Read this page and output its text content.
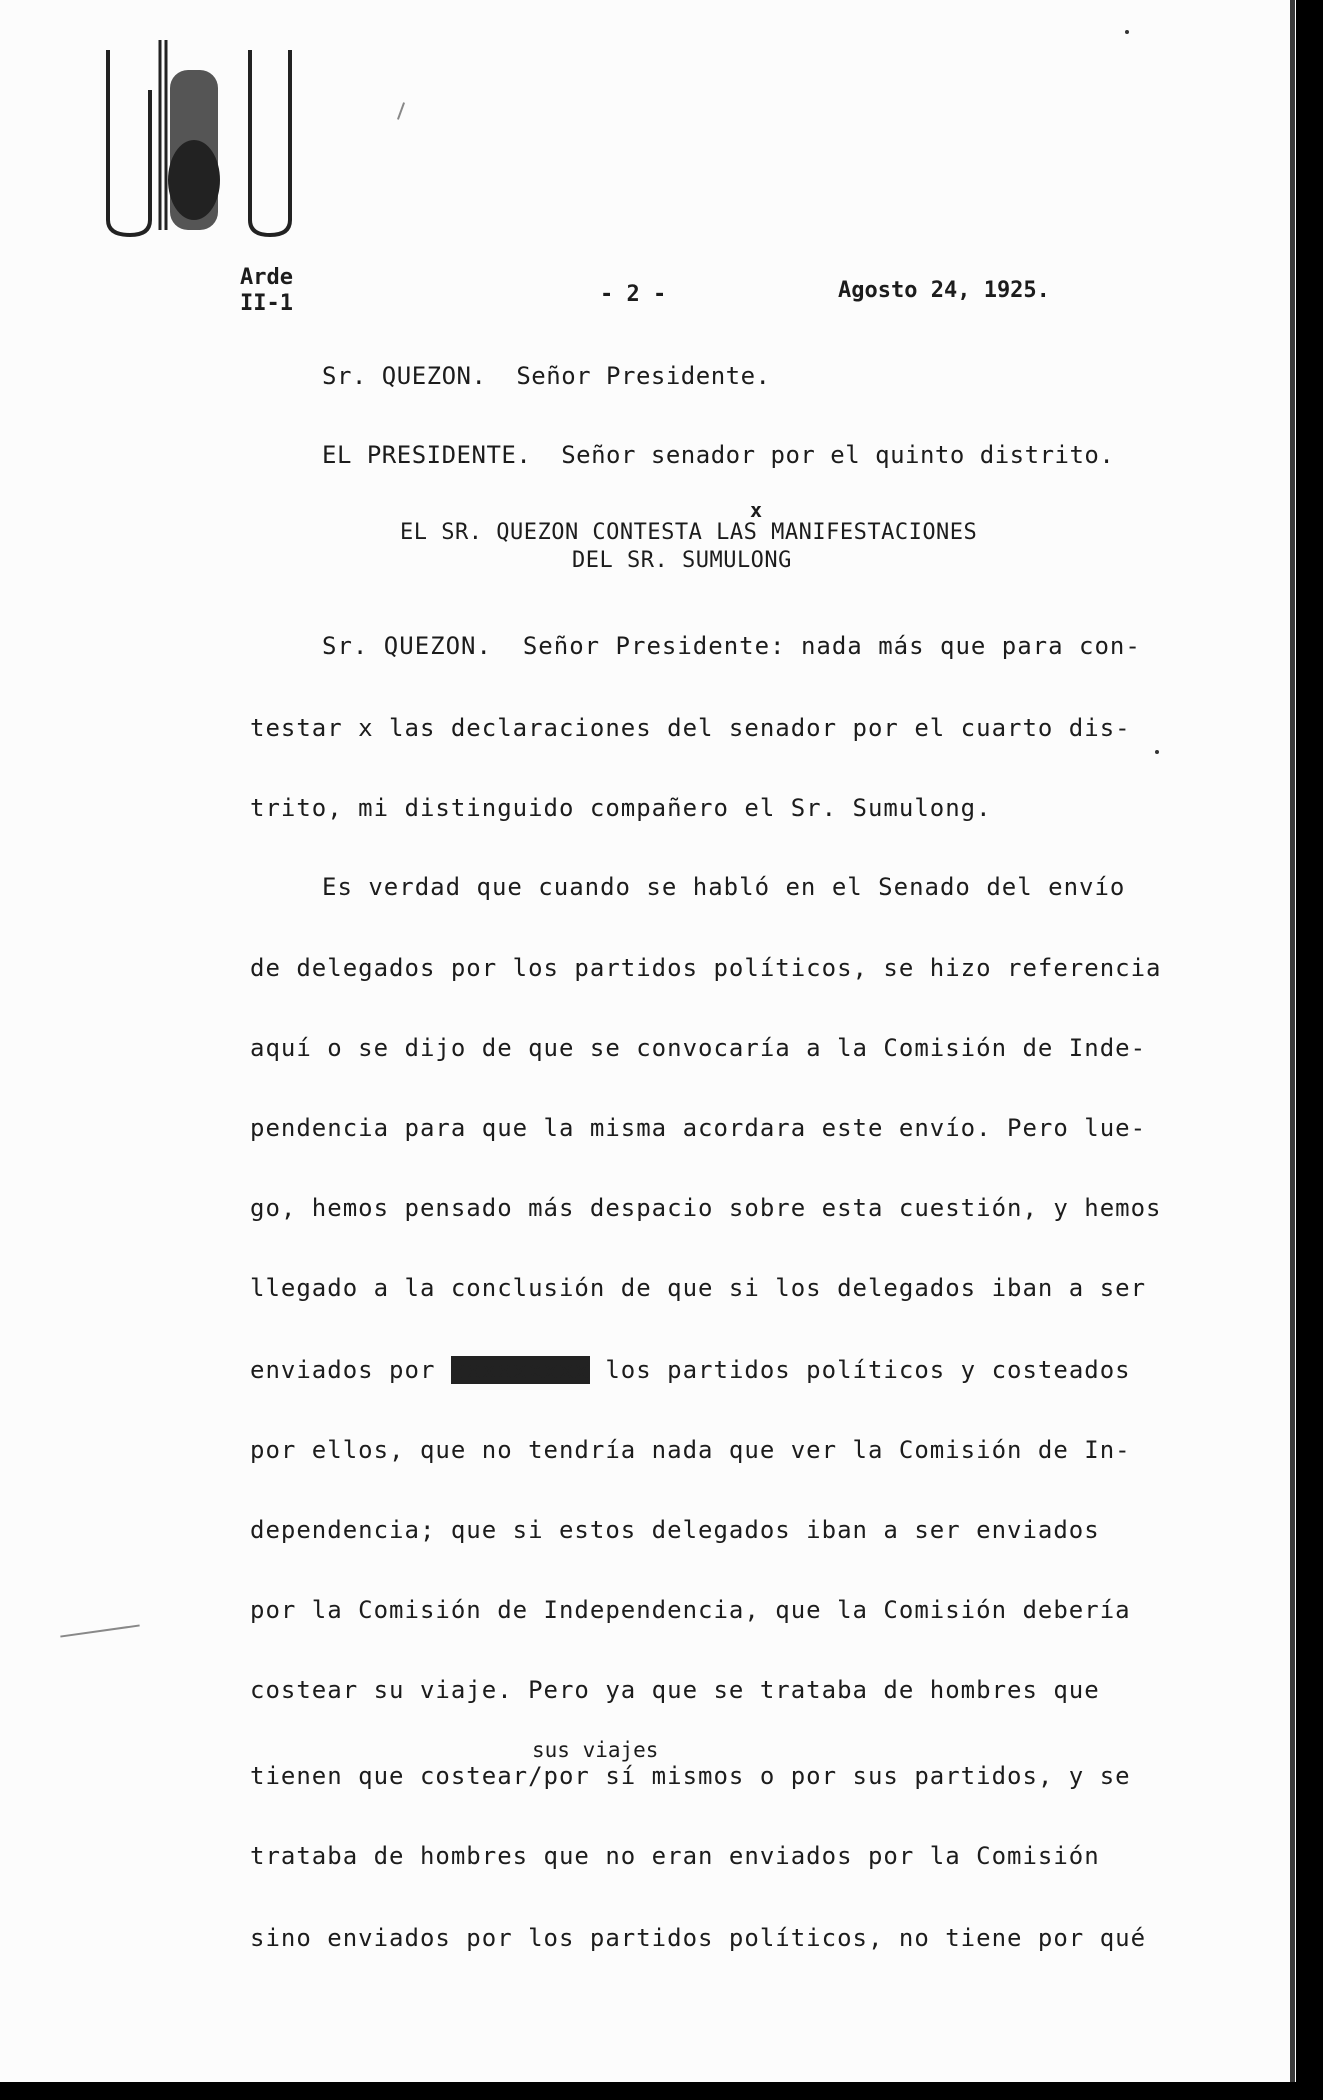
Arde
II-1	- 2 -	Agosto 24, 1925.
Sr. QUEZON. Señor Presidente.
EL PRESIDENTE. Señor senador por el quinto distrito.
x
EL SR. QUEZON CONTESTA LAS MANIFESTACIONES
DEL SR. SUMULONG
Sr. QUEZON. Señor Presidente: nada más que para con-
testar x las declaraciones del senador por el cuarto dis-
trito, mi distinguido compañero el Sr. Sumulong.
Es verdad que cuando se habló en el Senado del envío
de delegados por los partidos políticos, se hizo referencia
aquí o se dijo de que se convocaría a la Comisión de Inde-
pendencia para que la misma acordara este envío. Pero lue-
go, hemos pensado más despacio sobre esta cuestión, y hemos
llegado a la conclusión de que si los delegados iban a ser
enviados por xxxxxxxxx los partidos políticos y costeados
por ellos, que no tendría nada que ver la Comisión de In-
dependencia; que si estos delegados iban a ser enviados
por la Comisión de Independencia, que la Comisión debería
costear su viaje. Pero ya que se trataba de hombres que
sus viajes
tienen que costear/por sí mismos o por sus partidos, y se
trataba de hombres que no eran enviados por la Comisión
sino enviados por los partidos políticos, no tiene por qué
